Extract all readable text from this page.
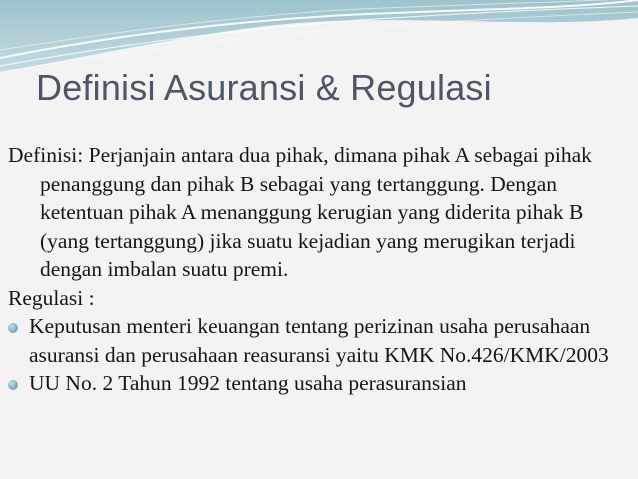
Definisi Asuransi & Regulasi

Definisi: Perjanjain antara dua pihak, dimana pihak A sebagai pihak penanggung dan pihak B sebagai yang tertanggung. Dengan ketentuan pihak A menanggung kerugian yang diderita pihak B (yang tertanggung) jika suatu kejadian yang merugikan terjadi dengan imbalan suatu premi.

Regulasi :

Keputusan menteri keuangan tentang perizinan usaha perusahaan asuransi dan perusahaan reasuransi yaitu KMK No.426/KMK/2003
UU No. 2 Tahun 1992 tentang usaha perasuransian
